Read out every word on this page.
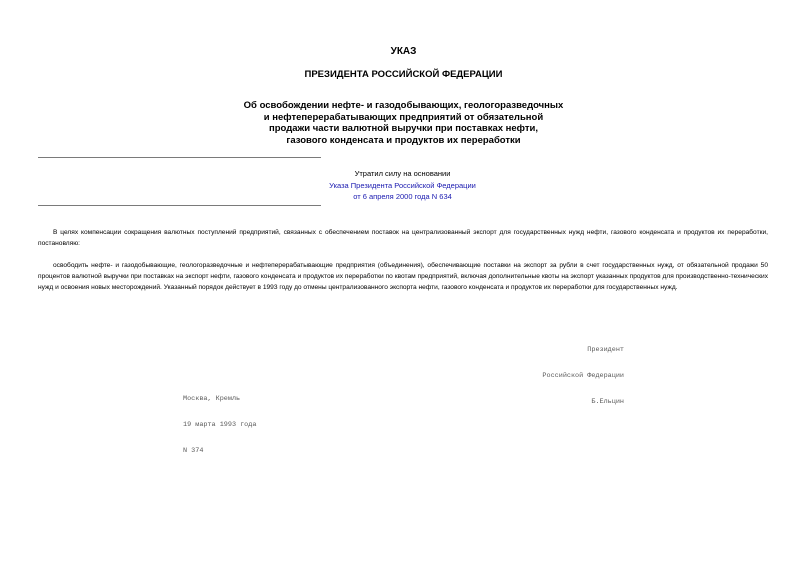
УКАЗ
ПРЕЗИДЕНТА РОССИЙСКОЙ ФЕДЕРАЦИИ
Об освобождении нефте- и газодобывающих, геологоразведочных
и нефтеперерабатывающих предприятий от обязательной
продажи части валютной выручки при поставках нефти,
газового конденсата и продуктов их переработки
Утратил силу на основании
Указа Президента Российской Федерации
от 6 апреля 2000 года N 634

В целях компенсации сокращения валютных поступлений предприятий, связанных с обеспечением поставок на централизованный экспорт для государственных нужд нефти, газового конденсата и продуктов их переработки, постановляю:

освободить нефте- и газодобывающие, геологоразведочные и нефтеперерабатывающие предприятия (объединения), обеспечивающие поставки на экспорт за рубли в счет государственных нужд, от обязательной продажи 50 процентов валютной выручки при поставках на экспорт нефти, газового конденсата и продуктов их переработки по квотам предприятий, включая дополнительные квоты на экспорт указанных продуктов для производственно-технических нужд и освоения новых месторождений. Указанный порядок действует в 1993 году до отмены централизованного экспорта нефти, газового конденсата и продуктов их переработки для государственных нужд.

Президент

Российской Федерации

Б.Ельцин

Москва, Кремль

19 марта 1993 года

N 374
